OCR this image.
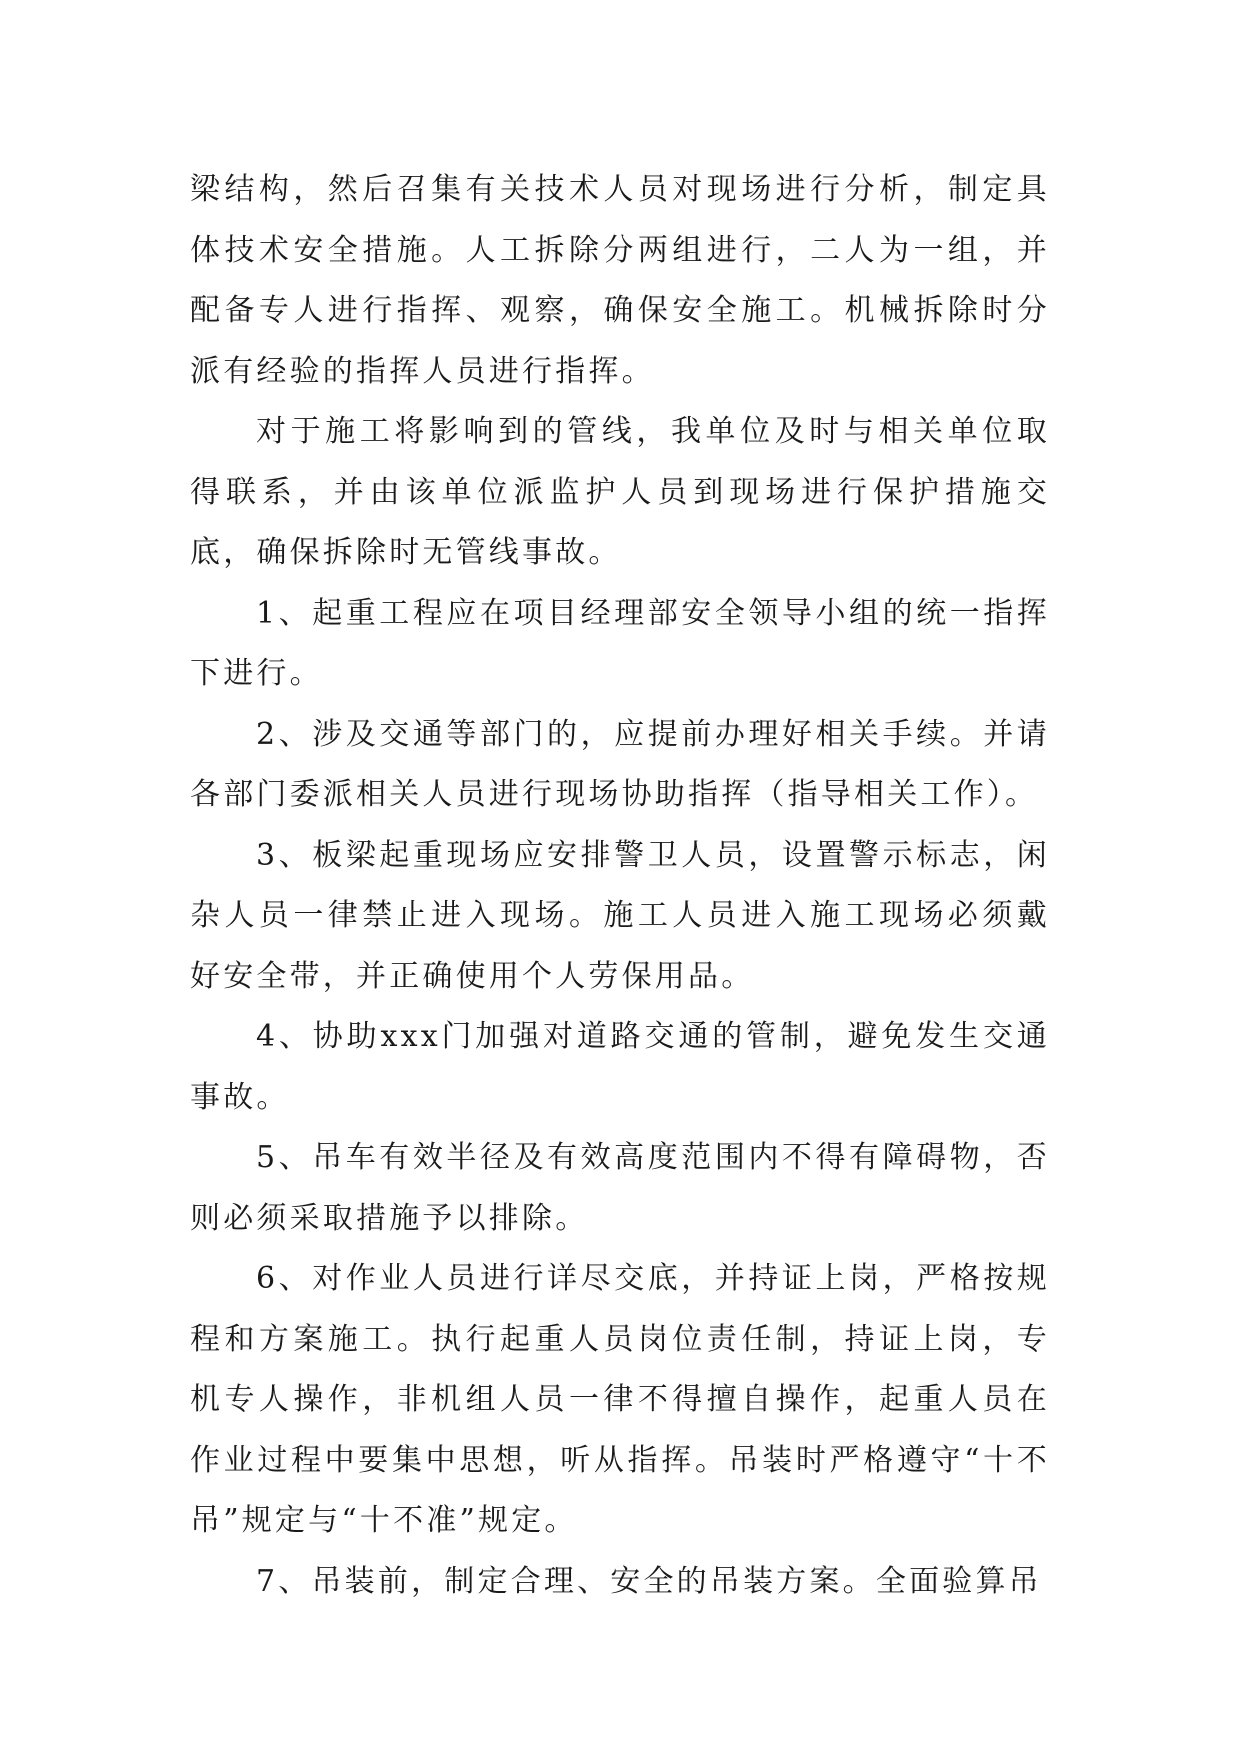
梁结构，然后召集有关技术人员对现场进行分析，制定具体技术安全措施。人工拆除分两组进行，二人为一组，并配备专人进行指挥、观察，确保安全施工。机械拆除时分派有经验的指挥人员进行指挥。

对于施工将影响到的管线，我单位及时与相关单位取得联系，并由该单位派监护人员到现场进行保护措施交底，确保拆除时无管线事故。

1、起重工程应在项目经理部安全领导小组的统一指挥下进行。

2、涉及交通等部门的，应提前办理好相关手续。并请各部门委派相关人员进行现场协助指挥（指导相关工作）。

3、板梁起重现场应安排警卫人员，设置警示标志，闲杂人员一律禁止进入现场。施工人员进入施工现场必须戴好安全带，并正确使用个人劳保用品。

4、协助xxx门加强对道路交通的管制，避免发生交通事故。

5、吊车有效半径及有效高度范围内不得有障碍物，否则必须采取措施予以排除。

6、对作业人员进行详尽交底，并持证上岗，严格按规程和方案施工。执行起重人员岗位责任制，持证上岗，专机专人操作，非机组人员一律不得擅自操作，起重人员在作业过程中要集中思想，听从指挥。吊装时严格遵守“十不吊”规定与“十不准”规定。

7、吊装前，制定合理、安全的吊装方案。全面验算吊
